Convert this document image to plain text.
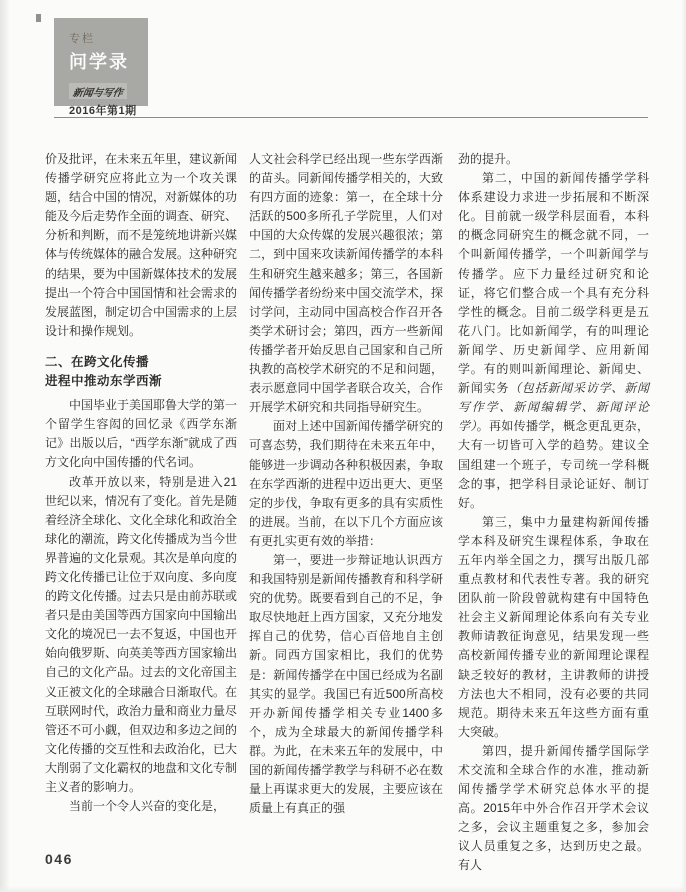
专栏
问学录
新闻与写作
2016年第1期

价及批评，在未来五年里，建议新闻传播学研究应将此立为一个攻关课题，结合中国的情况，对新媒体的功能及今后走势作全面的调查、研究、分析和判断，而不是笼统地讲新兴媒体与传统媒体的融合发展。这种研究的结果，要为中国新媒体技术的发展提出一个符合中国国情和社会需求的发展蓝图，制定切合中国需求的上层设计和操作规划。

二、在跨文化传播
进程中推动东学西渐

中国毕业于美国耶鲁大学的第一个留学生容闳的回忆录《西学东渐记》出版以后，“西学东渐”就成了西方文化向中国传播的代名词。

改革开放以来，特别是进入21世纪以来，情况有了变化。首先是随着经济全球化、文化全球化和政治全球化的潮流，跨文化传播成为当今世界普遍的文化景观。其次是单向度的跨文化传播已让位于双向度、多向度的跨文化传播。过去只是由前苏联或者只是由美国等西方国家向中国输出文化的境况已一去不复返，中国也开始向俄罗斯、向英美等西方国家输出自己的文化产品。过去的文化帝国主义正被文化的全球融合日渐取代。在互联网时代，政治力量和商业力量尽管还不可小觑，但双边和多边之间的文化传播的交互性和去政治化，已大大削弱了文化霸权的地盘和文化专制主义者的影响力。

当前一个令人兴奋的变化是，

人文社会科学已经出现一些东学西渐的苗头。同新闻传播学相关的，大致有四方面的迹象：第一，在全球十分活跃的500多所孔子学院里，人们对中国的大众传媒的发展兴趣很浓；第二，到中国来攻读新闻传播学的本科生和研究生越来越多；第三，各国新闻传播学者纷纷来中国交流学术，探讨学问，主动同中国高校合作召开各类学术研讨会；第四，西方一些新闻传播学者开始反思自己国家和自己所执教的高校学术研究的不足和问题，表示愿意同中国学者联合攻关，合作开展学术研究和共同指导研究生。

面对上述中国新闻传播学研究的可喜态势，我们期待在未来五年中，能够进一步调动各种积极因素，争取在东学西渐的进程中迈出更大、更坚定的步伐，争取有更多的具有实质性的进展。当前，在以下几个方面应该有更扎实更有效的举措：

第一，要进一步辩证地认识西方和我国特别是新闻传播教育和科学研究的优势。既要看到自己的不足，争取尽快地赶上西方国家，又充分地发挥自己的优势，信心百倍地自主创新。同西方国家相比，我们的优势是：新闻传播学在中国已经成为名副其实的显学。我国已有近500所高校开办新闻传播学相关专业1400多个，成为全球最大的新闻传播学科群。为此，在未来五年的发展中，中国的新闻传播学教学与科研不必在数量上再谋求更大的发展，主要应该在质量上有真正的强

劲的提升。

第二，中国的新闻传播学学科体系建设力求进一步拓展和不断深化。目前就一级学科层面看，本科的概念同研究生的概念就不同，一个叫新闻传播学，一个叫新闻学与传播学。应下力量经过研究和论证，将它们整合成一个具有充分科学性的概念。目前二级学科更是五花八门。比如新闻学，有的叫理论新闻学、历史新闻学、应用新闻学。有的则叫新闻理论、新闻史、新闻实务（包括新闻采访学、新闻写作学、新闻编辑学、新闻评论学）。再如传播学，概念更乱更杂，大有一切皆可入学的趋势。建议全国组建一个班子，专司统一学科概念的事，把学科目录论证好、制订好。

第三，集中力量建构新闻传播学本科及研究生课程体系，争取在五年内举全国之力，撰写出版几部重点教材和代表性专著。我的研究团队前一阶段曾就构建有中国特色社会主义新闻理论体系向有关专业教师请教征询意见，结果发现一些高校新闻传播专业的新闻理论课程缺乏较好的教材，主讲教师的讲授方法也大不相同，没有必要的共同规范。期待未来五年这些方面有重大突破。

第四，提升新闻传播学国际学术交流和全球合作的水准，推动新闻传播学学术研究总体水平的提高。2015年中外合作召开学术会议之多，会议主题重复之多，参加会议人员重复之多，达到历史之最。有人

046
